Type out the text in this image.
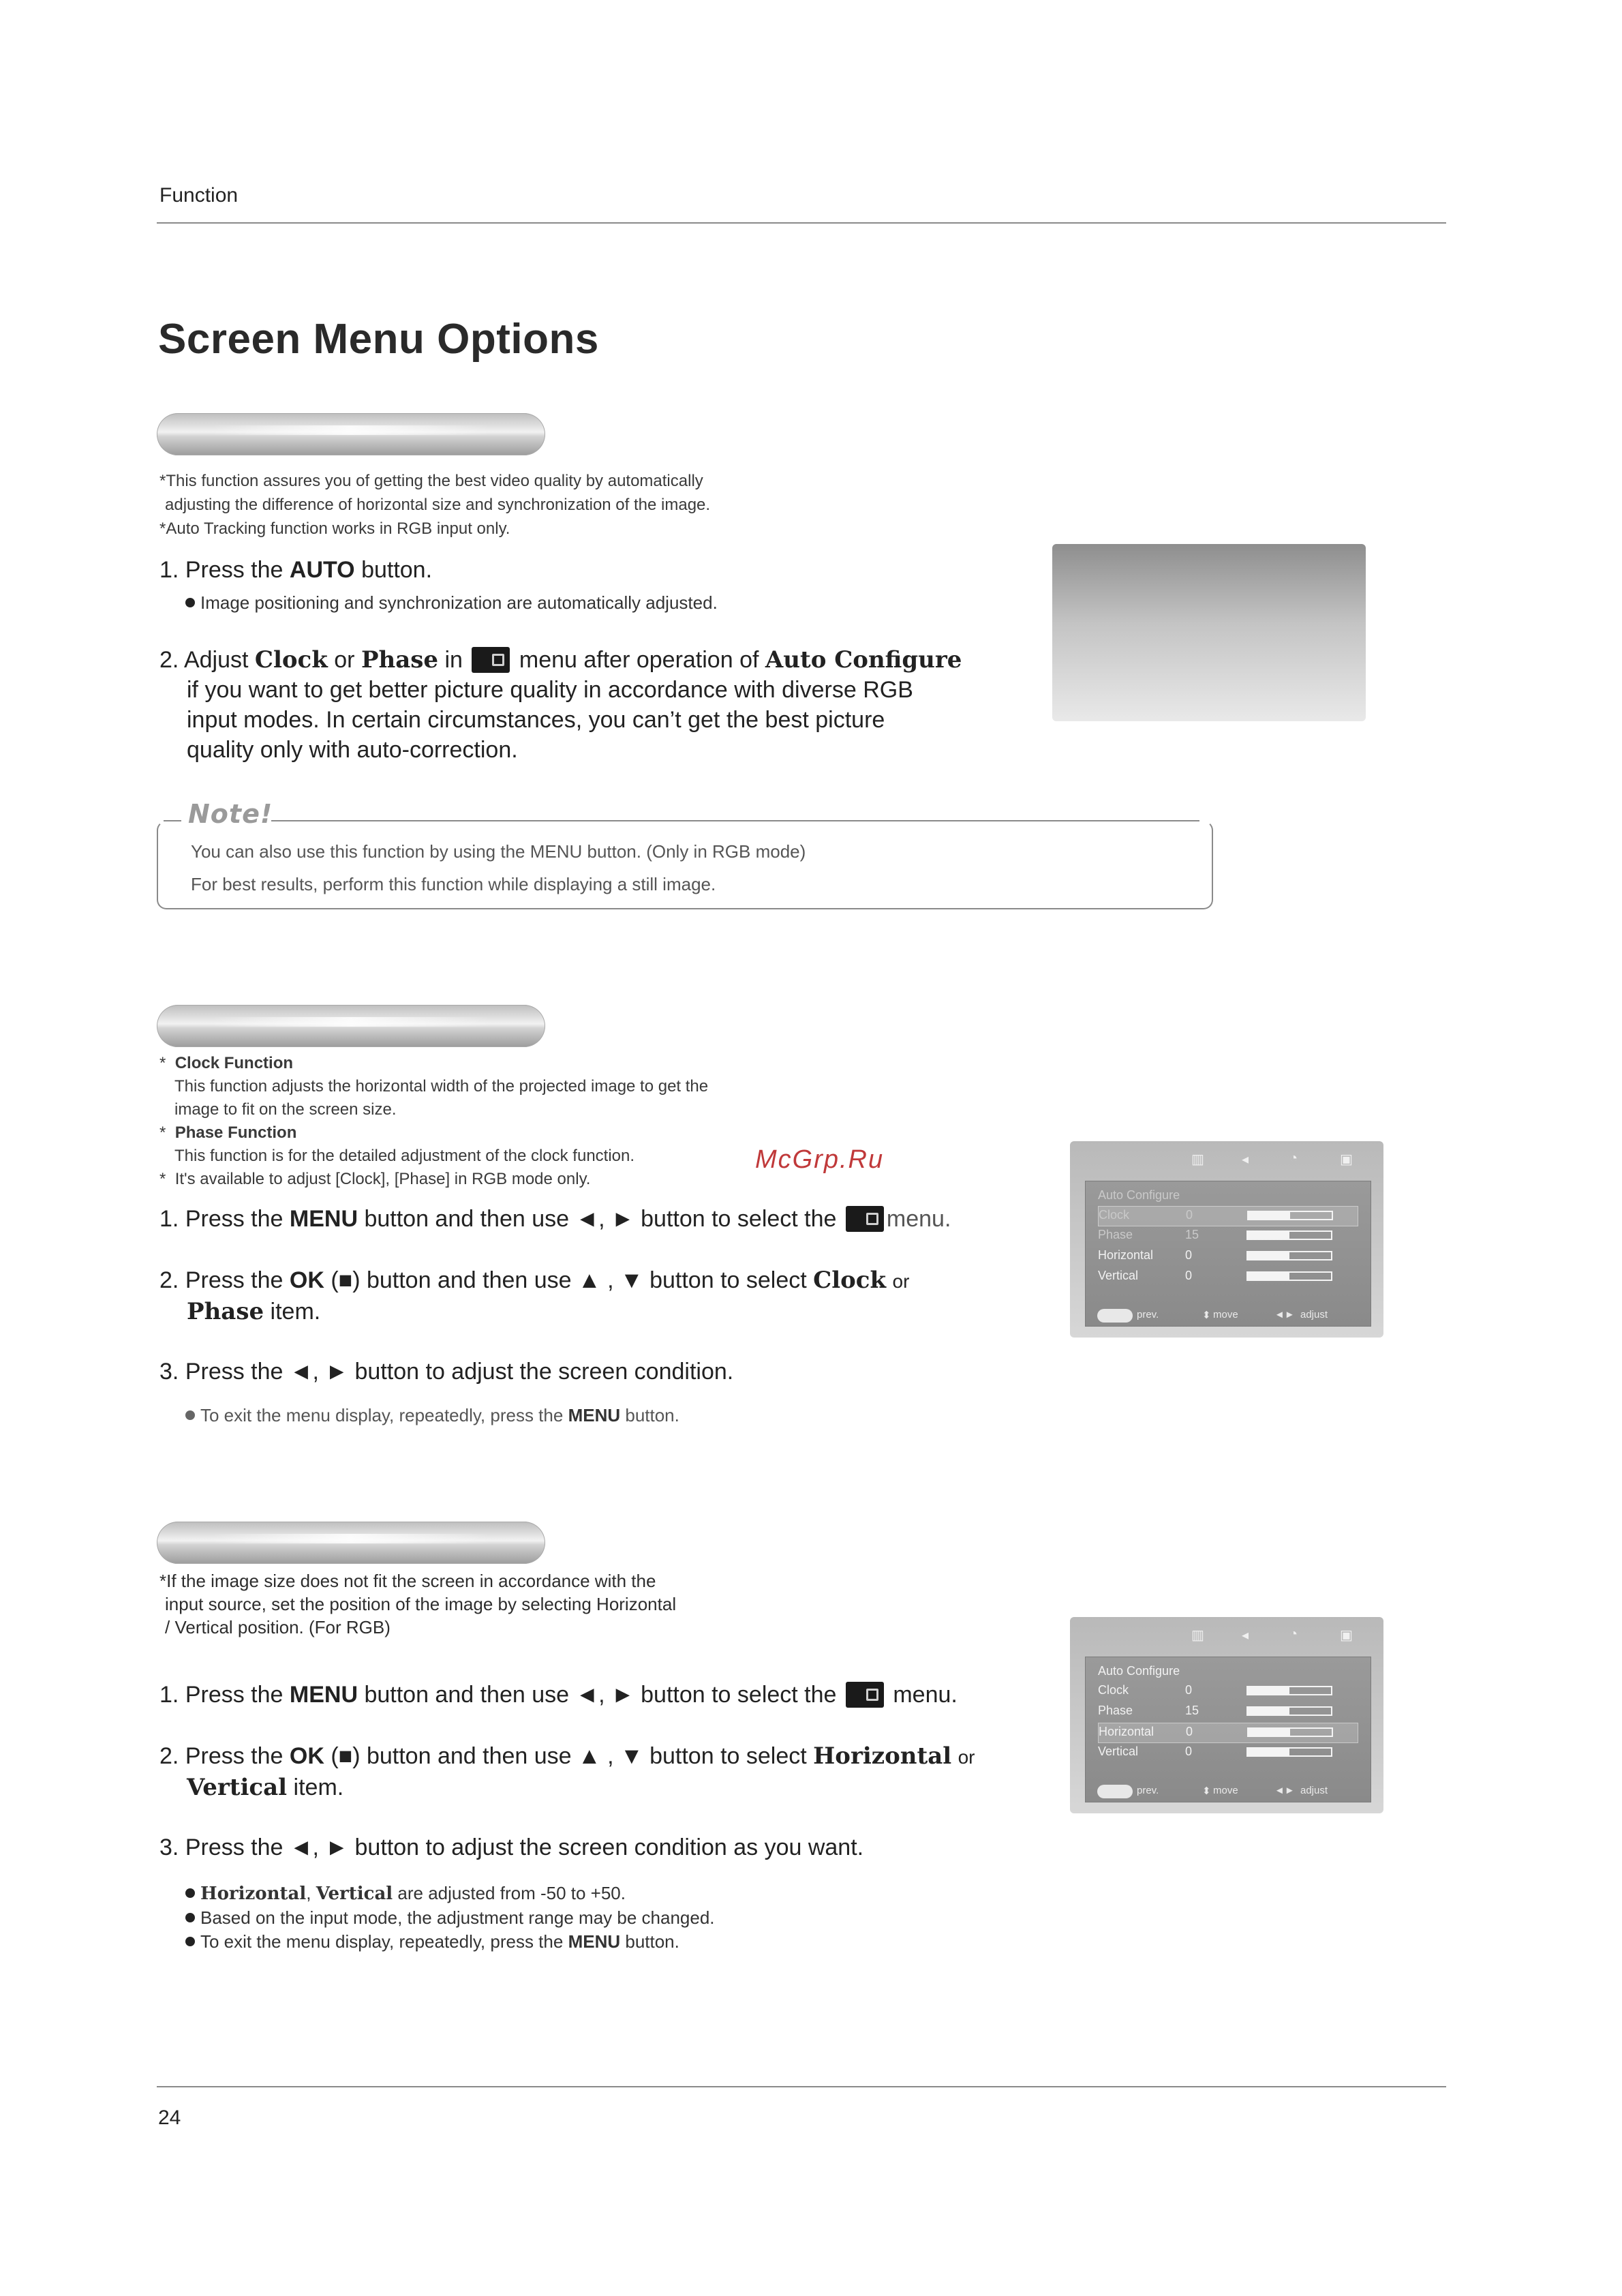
Function
Screen Menu Options
*This function assures you of getting the best video quality by automatically
adjusting the difference of horizontal size and synchronization of the image.
*Auto Tracking function works in RGB input only.
1. Press the AUTO button.
Image positioning and synchronization are automatically adjusted.
2. Adjust Clock or Phase in menu after operation of Auto Configure
if you want to get better picture quality in accordance with diverse RGB
input modes. In certain circumstances, you can’t get the best picture
quality only with auto-correction.
Note!
You can also use this function by using the MENU button. (Only in RGB mode)
For best results, perform this function while displaying a still image.
* Clock Function
This function adjusts the horizontal width of the projected image to get the
image to fit on the screen size.
* Phase Function
This function is for the detailed adjustment of the clock function.
* It's available to adjust [Clock], [Phase] in RGB mode only.
McGrp.Ru
1. Press the MENU button and then use ◄, ► button to select the menu.
2. Press the OK (■) button and then use ▲ , ▼ button to select Clock or
Phase item.
3. Press the ◄, ► button to adjust the screen condition.
To exit the menu display, repeatedly, press the MENU button.
▥	◂	◔	▣
Auto Configure
Clock	0
Phase	15
Horizontal	0
Vertical	0
prev.	⬍ move	◄► adjust
*If the image size does not fit the screen in accordance with the
input source, set the position of the image by selecting Horizontal
/ Vertical position. (For RGB)
1. Press the MENU button and then use ◄, ► button to select the menu.
2. Press the OK (■) button and then use ▲ , ▼ button to select Horizontal or
Vertical item.
3. Press the ◄, ► button to adjust the screen condition as you want.
Horizontal, Vertical are adjusted from -50 to +50.
Based on the input mode, the adjustment range may be changed.
To exit the menu display, repeatedly, press the MENU button.
▥	◂	◔	▣
Auto Configure
Clock	0
Phase	15
Horizontal	0
Vertical	0
prev.	⬍ move	◄► adjust
24
